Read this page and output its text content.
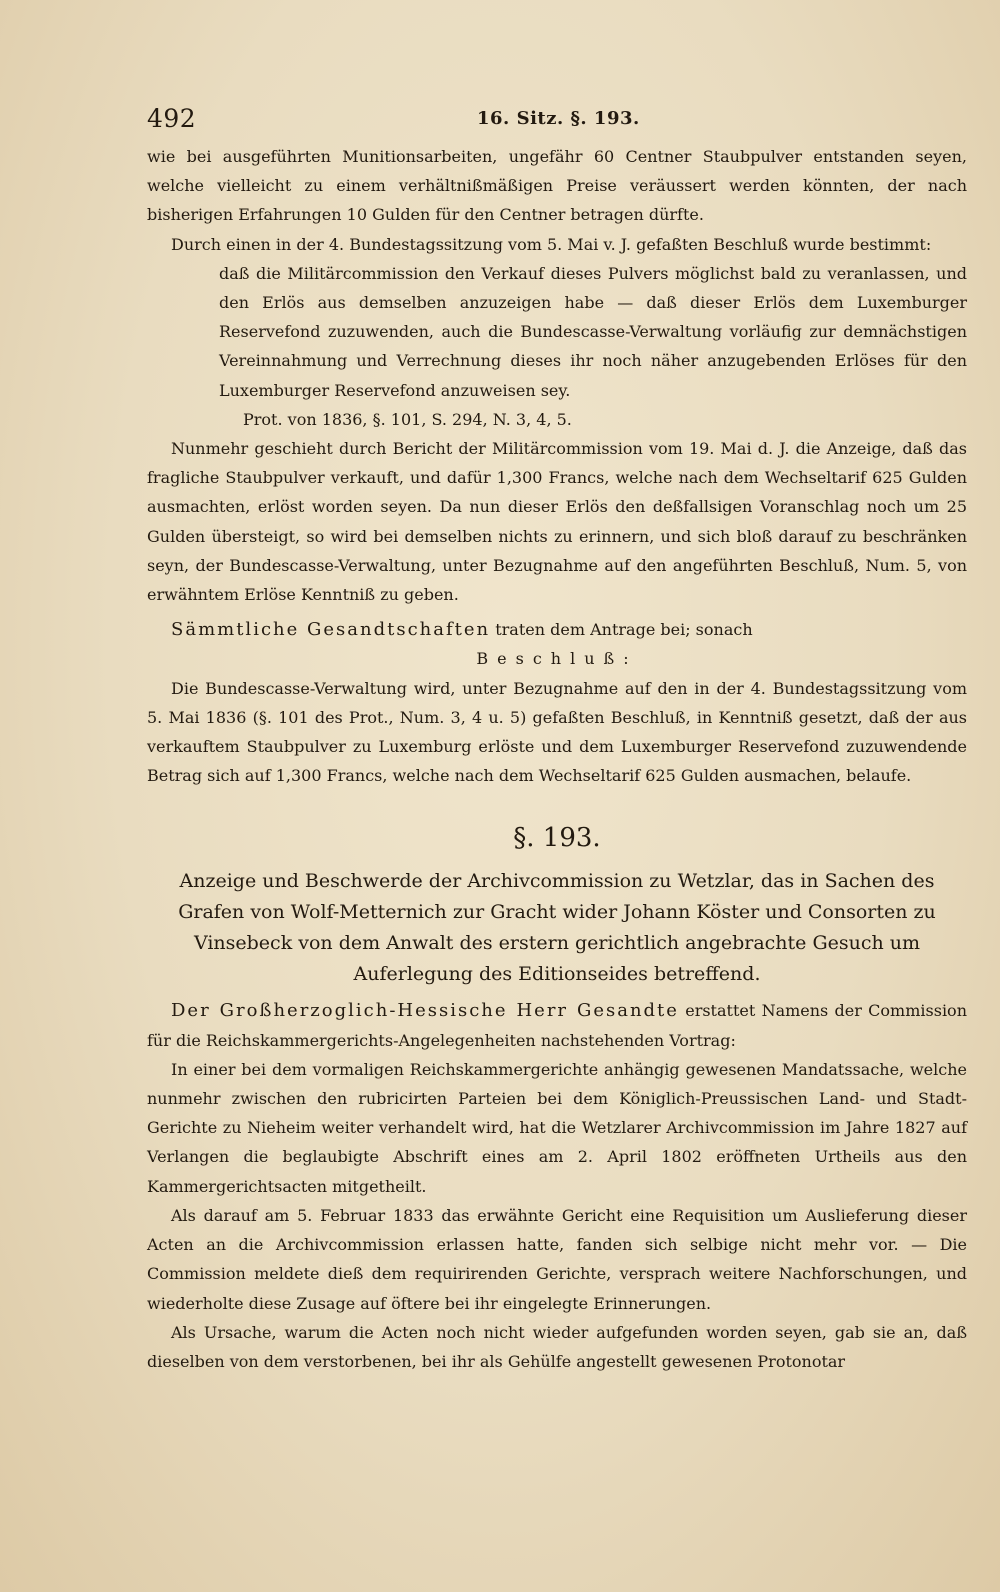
492	16. Sitz. §. 193.

wie bei ausgeführten Munitionsarbeiten, ungefähr 60 Centner Staubpulver entstanden seyen, welche vielleicht zu einem verhältnißmäßigen Preise veräussert werden könnten, der nach bisherigen Erfahrungen 10 Gulden für den Centner betragen dürfte.

Durch einen in der 4. Bundestagssitzung vom 5. Mai v. J. gefaßten Beschluß wurde bestimmt:

daß die Militärcommission den Verkauf dieses Pulvers möglichst bald zu veranlassen, und den Erlös aus demselben anzuzeigen habe — daß dieser Erlös dem Luxemburger Reservefond zuzuwenden, auch die Bundescasse-Verwaltung vorläufig zur demnächstigen Vereinnahmung und Verrechnung dieses ihr noch näher anzugebenden Erlöses für den Luxemburger Reservefond anzuweisen sey.

Prot. von 1836, §. 101, S. 294, N. 3, 4, 5.

Nunmehr geschieht durch Bericht der Militärcommission vom 19. Mai d. J. die Anzeige, daß das fragliche Staubpulver verkauft, und dafür 1,300 Francs, welche nach dem Wechseltarif 625 Gulden ausmachten, erlöst worden seyen. Da nun dieser Erlös den deßfallsigen Voranschlag noch um 25 Gulden übersteigt, so wird bei demselben nichts zu erinnern, und sich bloß darauf zu beschränken seyn, der Bundescasse-Verwaltung, unter Bezugnahme auf den angeführten Beschluß, Num. 5, von erwähntem Erlöse Kenntniß zu geben.

Sämmtliche Gesandtschaften traten dem Antrage bei; sonach

Beschluß:

Die Bundescasse-Verwaltung wird, unter Bezugnahme auf den in der 4. Bundestagssitzung vom 5. Mai 1836 (§. 101 des Prot., Num. 3, 4 u. 5) gefaßten Beschluß, in Kenntniß gesetzt, daß der aus verkauftem Staubpulver zu Luxemburg erlöste und dem Luxemburger Reservefond zuzuwendende Betrag sich auf 1,300 Francs, welche nach dem Wechseltarif 625 Gulden ausmachen, belaufe.

§. 193.

Anzeige und Beschwerde der Archivcommission zu Wetzlar, das in Sachen des Grafen von Wolf-Metternich zur Gracht wider Johann Köster und Consorten zu Vinsebeck von dem Anwalt des erstern gerichtlich angebrachte Gesuch um Auferlegung des Editionseides betreffend.

Der Großherzoglich-Hessische Herr Gesandte erstattet Namens der Commission für die Reichskammergerichts-Angelegenheiten nachstehenden Vortrag:

In einer bei dem vormaligen Reichskammergerichte anhängig gewesenen Mandatssache, welche nunmehr zwischen den rubricirten Parteien bei dem Königlich-Preussischen Land- und Stadt-Gerichte zu Nieheim weiter verhandelt wird, hat die Wetzlarer Archivcommission im Jahre 1827 auf Verlangen die beglaubigte Abschrift eines am 2. April 1802 eröffneten Urtheils aus den Kammergerichtsacten mitgetheilt.

Als darauf am 5. Februar 1833 das erwähnte Gericht eine Requisition um Auslieferung dieser Acten an die Archivcommission erlassen hatte, fanden sich selbige nicht mehr vor. — Die Commission meldete dieß dem requirirenden Gerichte, versprach weitere Nachforschungen, und wiederholte diese Zusage auf öftere bei ihr eingelegte Erinnerungen.

Als Ursache, warum die Acten noch nicht wieder aufgefunden worden seyen, gab sie an, daß dieselben von dem verstorbenen, bei ihr als Gehülfe angestellt gewesenen Protonotar
